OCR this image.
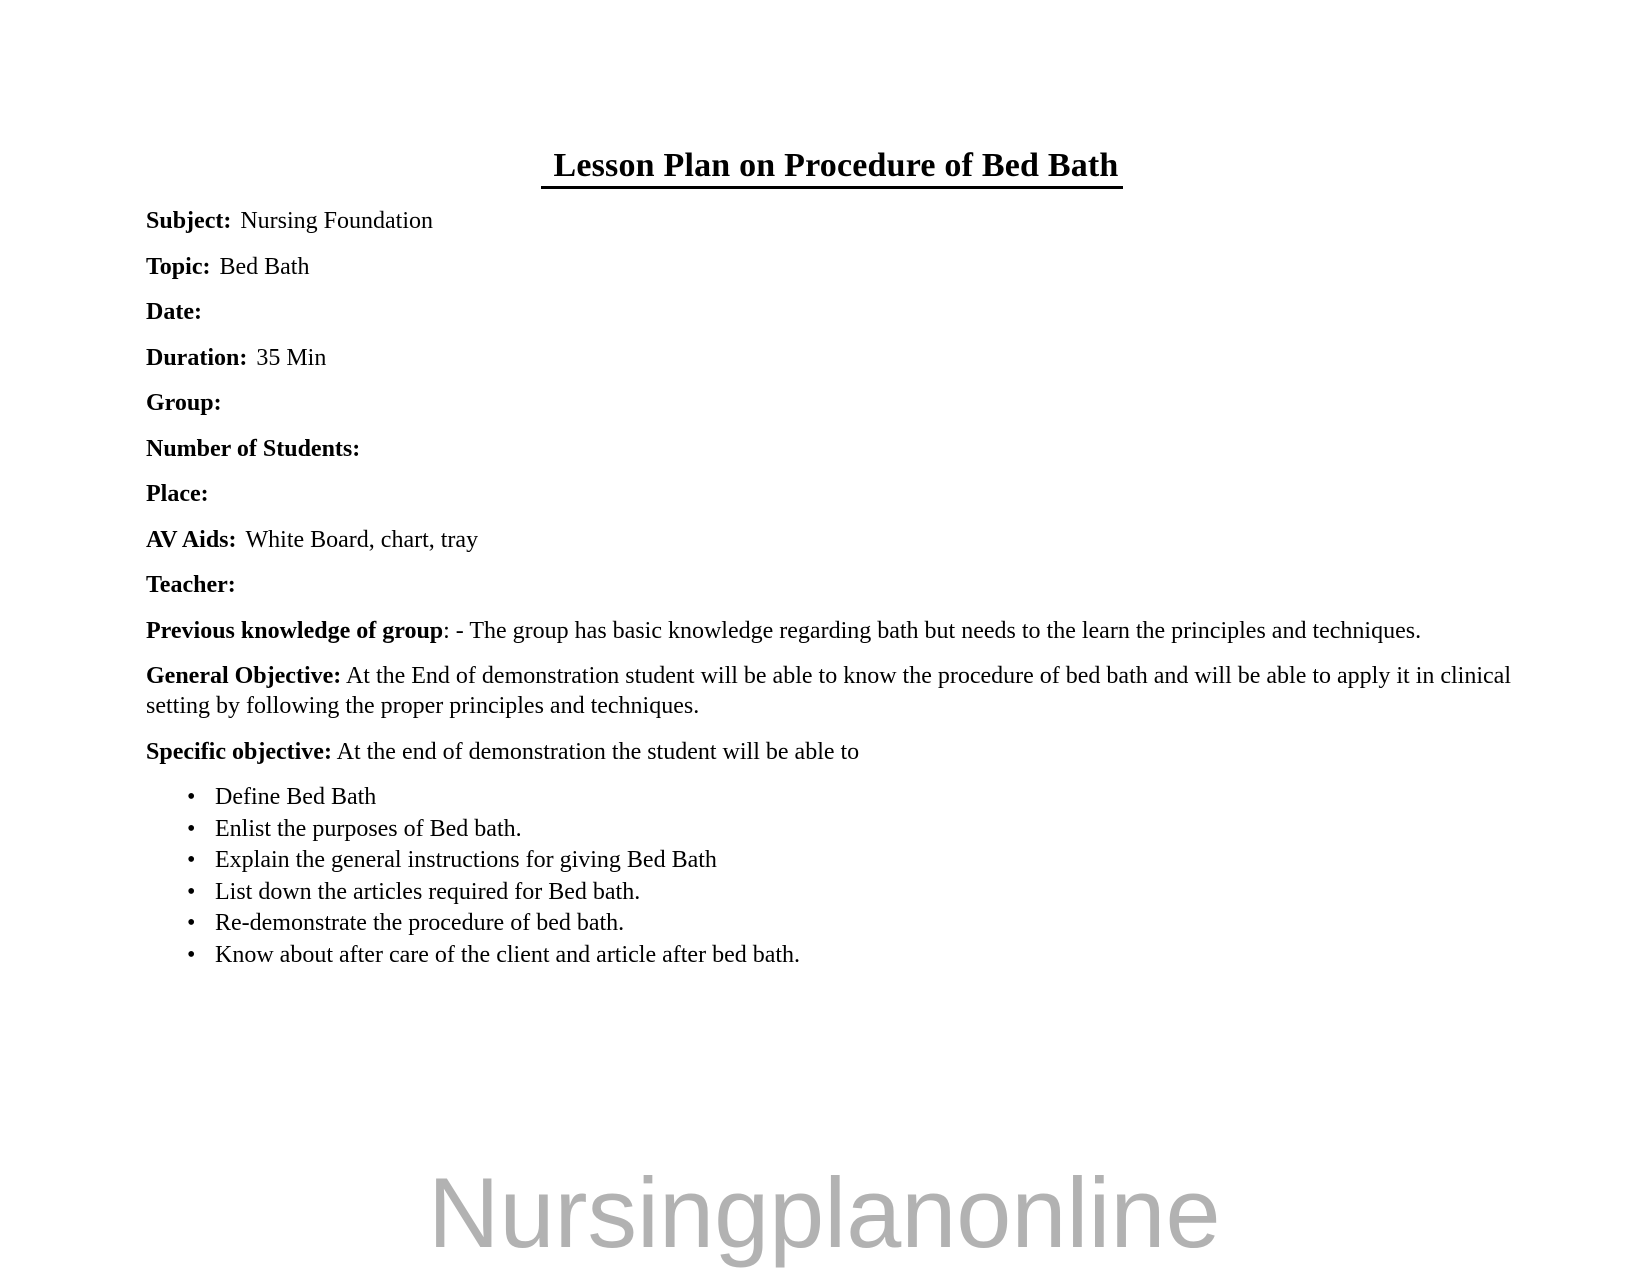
Lesson Plan on Procedure of Bed Bath

Subject: Nursing Foundation

Topic: Bed Bath

Date:

Duration: 35 Min

Group:

Number of Students:

Place:

AV Aids: White Board, chart, tray

Teacher:

Previous knowledge of group: - The group has basic knowledge regarding bath but needs to the learn the principles and techniques.

General Objective: At the End of demonstration student will be able to know the procedure of bed bath and will be able to apply it in clinical setting by following the proper principles and techniques.

Specific objective: At the end of demonstration the student will be able to

• Define Bed Bath
• Enlist the purposes of Bed bath.
• Explain the general instructions for giving Bed Bath
• List down the articles required for Bed bath.
• Re-demonstrate the procedure of bed bath.
• Know about after care of the client and article after bed bath.
Nursingplanonline
